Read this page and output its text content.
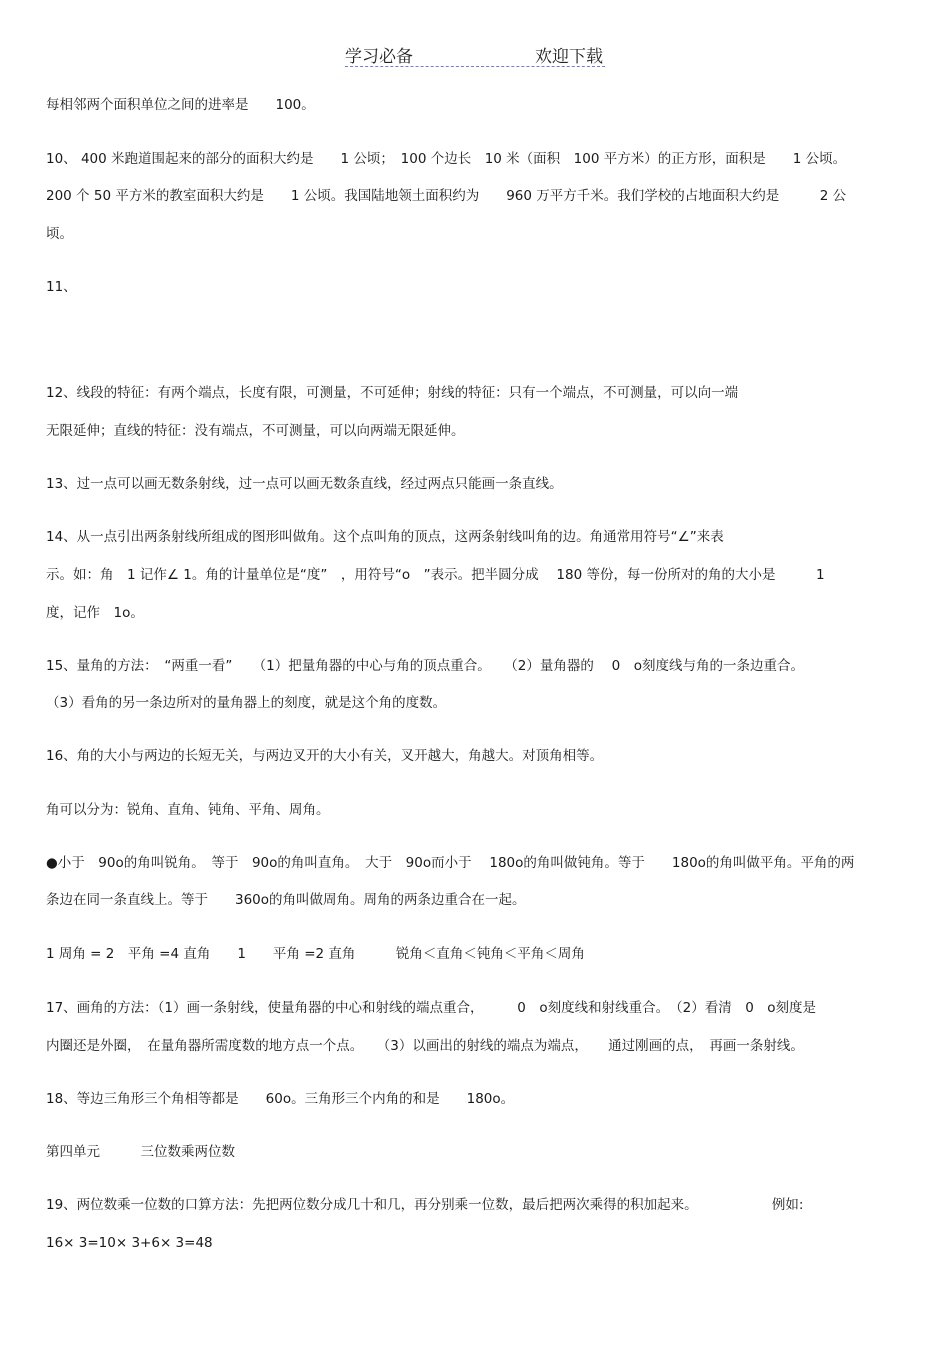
学习必备	欢迎下载
每相邻两个面积单位之间的进率是　　100。
10、 400 米跑道围起来的部分的面积大约是　　1 公顷；　100 个边长　10 米（面积　100 平方米）的正方形，面积是　　1 公顷。
200 个 50 平方米的教室面积大约是　　1 公顷。我国陆地领土面积约为　　960 万平方千米。我们学校的占地面积大约是　　　2 公
顷。
11、
12、线段的特征：有两个端点，长度有限，可测量，不可延伸；射线的特征：只有一个端点，不可测量，可以向一端
无限延伸；直线的特征：没有端点，不可测量，可以向两端无限延伸。
13、过一点可以画无数条射线，过一点可以画无数条直线，经过两点只能画一条直线。
14、从一点引出两条射线所组成的图形叫做角。这个点叫角的顶点，这两条射线叫角的边。角通常用符号“∠”来表
示。如：角　1 记作∠ 1。角的计量单位是“度”　，用符号“o　”表示。把半圆分成　 180 等份，每一份所对的角的大小是　　　1
度，记作　1o。
15、量角的方法：　“两重一看”　　（1）把量角器的中心与角的顶点重合。　　（2）量角器的　 0　o刻度线与角的一条边重合。
（3）看角的另一条边所对的量角器上的刻度，就是这个角的度数。
16、角的大小与两边的长短无关，与两边叉开的大小有关，叉开越大，角越大。对顶角相等。
角可以分为：锐角、直角、钝角、平角、周角。
●小于　90o的角叫锐角。　等于　90o的角叫直角。　大于　90o而小于　 180o的角叫做钝角。等于　　180o的角叫做平角。平角的两
条边在同一条直线上。等于　　360o的角叫做周角。周角的两条边重合在一起。
1 周角 = 2　平角 =4 直角　　1　　平角 =2 直角　　　锐角＜直角＜钝角＜平角＜周角
17、画角的方法：（1）画一条射线，使量角器的中心和射线的端点重合，　　　0　o刻度线和射线重合。　（2）看清　0　o刻度是
内圈还是外圈，　在量角器所需度数的地方点一个点。　　（3）以画出的射线的端点为端点，　　通过刚画的点，　再画一条射线。
18、等边三角形三个角相等都是　　60o。三角形三个内角的和是　　180o。
第四单元　　　三位数乘两位数
19、两位数乘一位数的口算方法：先把两位数分成几十和几，再分别乘一位数，最后把两次乘得的积加起来。　　　　　　例如:
16× 3=10× 3+6× 3=48
